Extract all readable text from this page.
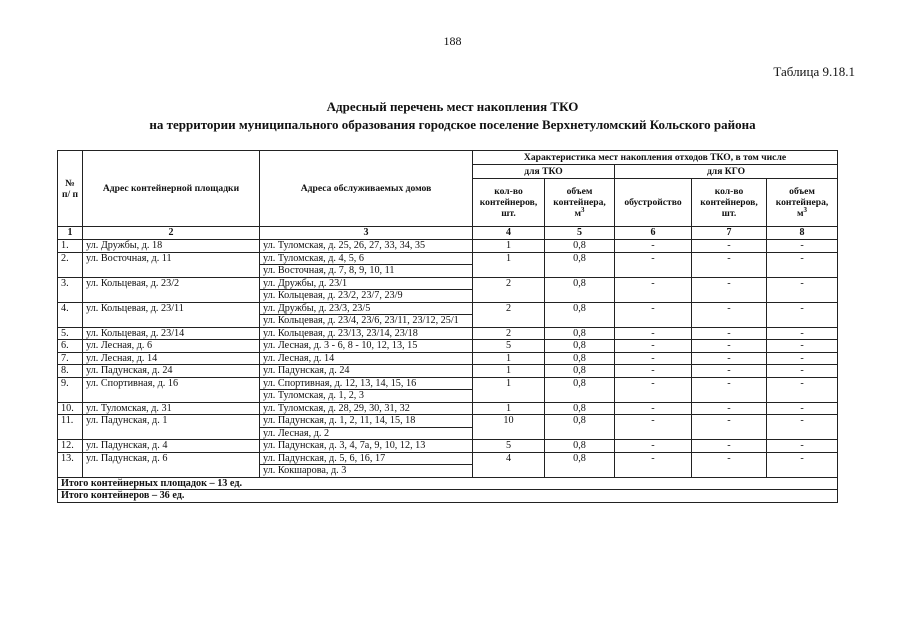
188
Таблица 9.18.1
Адресный перечень мест накопления ТКО
на территории муниципального образования городское поселение Верхнетуломский Кольского района
№ п/ п	Адрес контейнерной площадки	Адреса обслуживаемых домов	Характеристика мест накопления отходов ТКО, в том числе				
			для ТКО		для КГО		
			кол-во контейнеров, шт.	объем контейнера, $м^3$	обустройство	кол-во контейнеров, шт.	объем контейнера, $м^3$
1	2	3	4	5	6	7	8
1.	ул. Дружбы, д. 18	ул. Туломская, д. 25, 26, 27, 33, 34, 35	1	0,8	-	-	-
2.	ул. Восточная, д. 11	ул. Туломская, д. 4, 5, 6
ул. Восточная, д. 7, 8, 9, 10, 11	1	0,8	-	-	-
3.	ул. Кольцевая, д. 23/2	ул. Дружбы, д. 23/1
ул. Кольцевая, д. 23/2, 23/7, 23/9	2	0,8	-	-	-
4.	ул. Кольцевая, д. 23/11	ул. Дружбы, д. 23/3, 23/5
ул. Кольцевая, д. 23/4, 23/6, 23/11, 23/12, 25/1	2	0,8	-	-	-
5.	ул. Кольцевая, д. 23/14	ул. Кольцевая, д. 23/13, 23/14, 23/18	2	0,8	-	-	-
6.	ул. Лесная, д. 6	ул. Лесная, д. 3 - 6, 8 - 10, 12, 13, 15	5	0,8	-	-	-
7.	ул. Лесная, д. 14	ул. Лесная, д. 14	1	0,8	-	-	-
8.	ул. Падунская, д. 24	ул. Падунская, д. 24	1	0,8	-	-	-
9.	ул. Спортивная, д. 16	ул. Спортивная, д. 12, 13, 14, 15, 16
ул. Туломская, д. 1, 2, 3	1	0,8	-	-	-
10.	ул. Туломская, д. 31	ул. Туломская, д. 28, 29, 30, 31, 32	1	0,8	-	-	-
11.	ул. Падунская, д. 1	ул. Падунская, д. 1, 2, 11, 14, 15, 18
ул. Лесная, д. 2	10	0,8	-	-	-
12.	ул. Падунская, д. 4	ул. Падунская, д. 3, 4, 7а, 9, 10, 12, 13	5	0,8	-	-	-
13.	ул. Падунская, д. 6	ул. Падунская, д. 5, 6, 16, 17
ул. Кокшарова, д. 3	4	0,8	-	-	-
Итого контейнерных площадок – 13 ед.							
Итого контейнеров – 36 ед.							
